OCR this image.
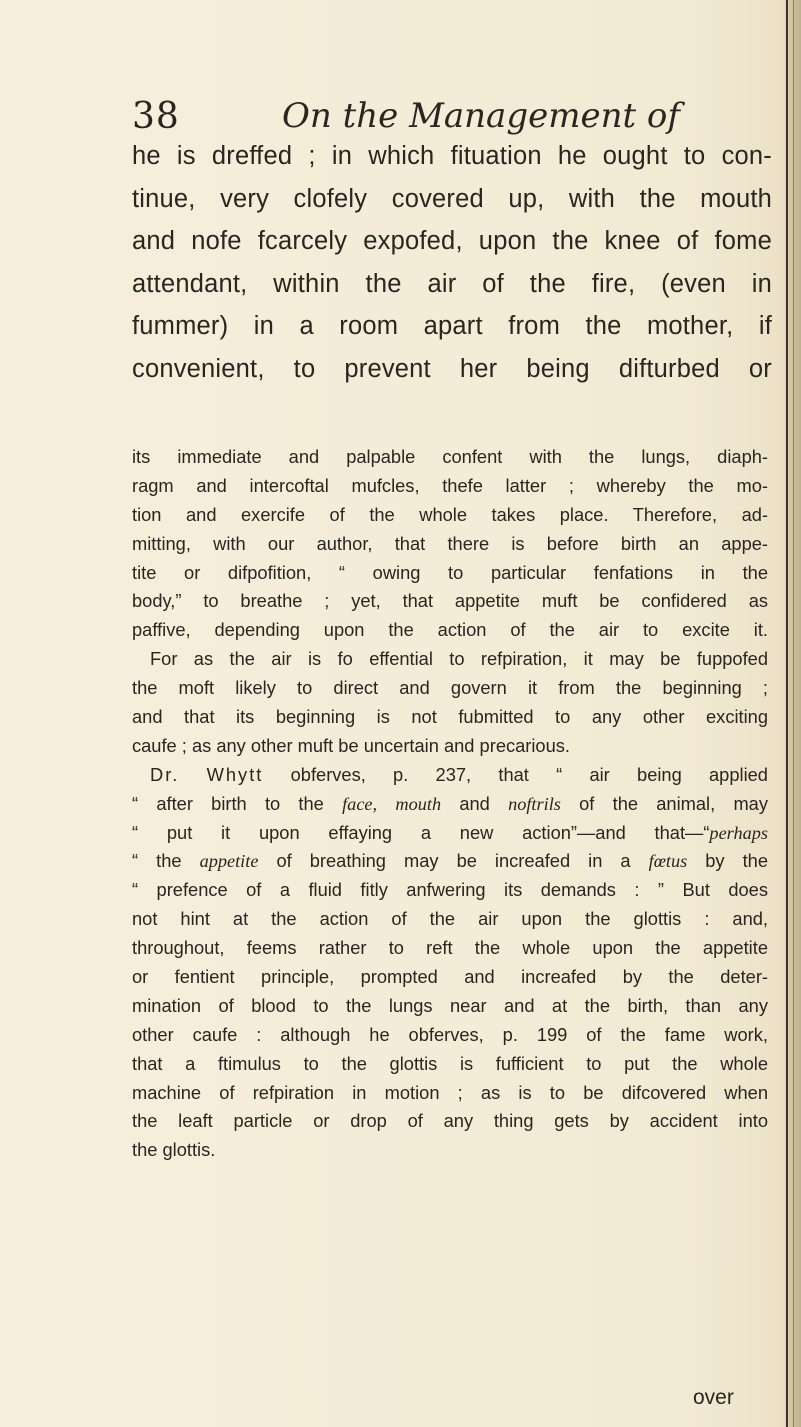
38	On the Management of
he is dreffed ; in which fituation he ought to con-
tinue, very clofely covered up, with the mouth
and nofe fcarcely expofed, upon the knee of fome
attendant, within the air of the fire, (even in
fummer) in a room apart from the mother, if
convenient, to prevent her being difturbed or
its immediate and palpable confent with the lungs, diaph-
ragm and intercoftal mufcles, thefe latter ; whereby the mo-
tion and exercife of the whole takes place. Therefore, ad-
mitting, with our author, that there is before birth an appe-
tite or difpofition, “ owing to particular fenfations in the
body,” to breathe ; yet, that appetite muft be confidered as
paffive, depending upon the action of the air to excite it.
For as the air is fo effential to refpiration, it may be fuppofed
the moft likely to direct and govern it from the beginning ;
and that its beginning is not fubmitted to any other exciting
caufe ; as any other muft be uncertain and precarious.
Dr. Whytt obferves, p. 237, that “ air being applied
“ after birth to the face, mouth and noftrils of the animal, may
“ put it upon effaying a new action”—and that—“perhaps
“ the appetite of breathing may be increafed in a fœtus by the
“ prefence of a fluid fitly anfwering its demands : ” But does
not hint at the action of the air upon the glottis : and,
throughout, feems rather to reft the whole upon the appetite
or fentient principle, prompted and increafed by the deter-
mination of blood to the lungs near and at the birth, than any
other caufe : although he obferves, p. 199 of the fame work,
that a ftimulus to the glottis is fufficient to put the whole
machine of refpiration in motion ; as is to be difcovered when
the leaft particle or drop of any thing gets by accident into
the glottis.
over
